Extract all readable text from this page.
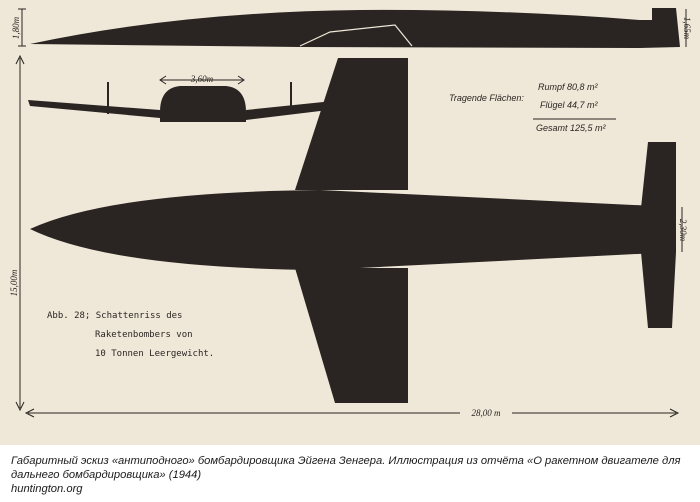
1,80m	1,65m
15,00m
3,60m
2,30m
28,00 m
Tragende Flächen:
Rumpf 80,8 m²
Flügel 44,7 m²
Gesamt 125,5 m²
Abb. 28; Schattenriss des
Raketenbombers von
10 Tonnen Leergewicht.
Габаритный эскиз «антиподного» бомбардировщика Эйгена Зенгера. Иллюстрация из отчёта «О ракетном двигателе для дальнего бомбардировщика» (1944)
huntington.org
